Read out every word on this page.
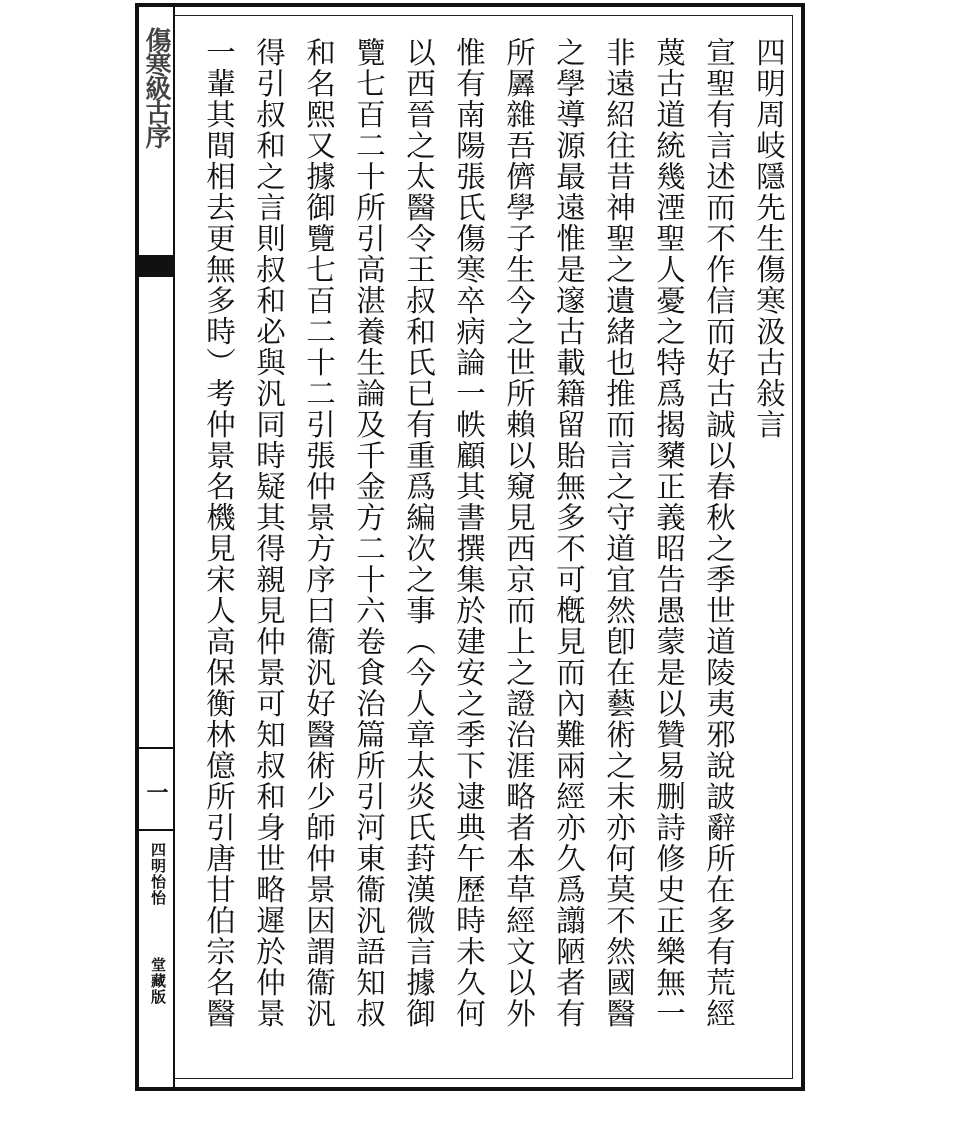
傷寒級古序
一
四明怡怡
堂藏版
四明周岐隱先生傷寒汲古敍言
宣聖有言述而不作信而好古誠以春秋之季世道陵夷邪說詖辭所在多有荒經
蔑古道統幾湮聖人憂之特爲揭櫫正義昭告愚蒙是以贊易删詩修史正樂無一
非遠紹往昔神聖之遺緒也推而言之守道宜然卽在藝術之末亦何莫不然國醫
之學導源最遠惟是邃古載籍留貽無多不可槪見而內難兩經亦久爲譾陋者有
所羼雜吾儕學子生今之世所賴以窺見西京而上之證治涯略者本草經文以外
惟有南陽張氏傷寒卒病論一帙顧其書撰集於建安之季下逮典午歷時未久何
以西晉之太醫令王叔和氏已有重爲編次之事（今人章太炎氏葑漢微言據御
覽七百二十所引高湛養生論及千金方二十六卷食治篇所引河東衞汎語知叔
和名熙又據御覽七百二十二引張仲景方序曰衞汎好醫術少師仲景因謂衞汎
得引叔和之言則叔和必與汎同時疑其得親見仲景可知叔和身世略遲於仲景
一輩其間相去更無多時）考仲景名機見宋人高保衡林億所引唐甘伯宗名醫
